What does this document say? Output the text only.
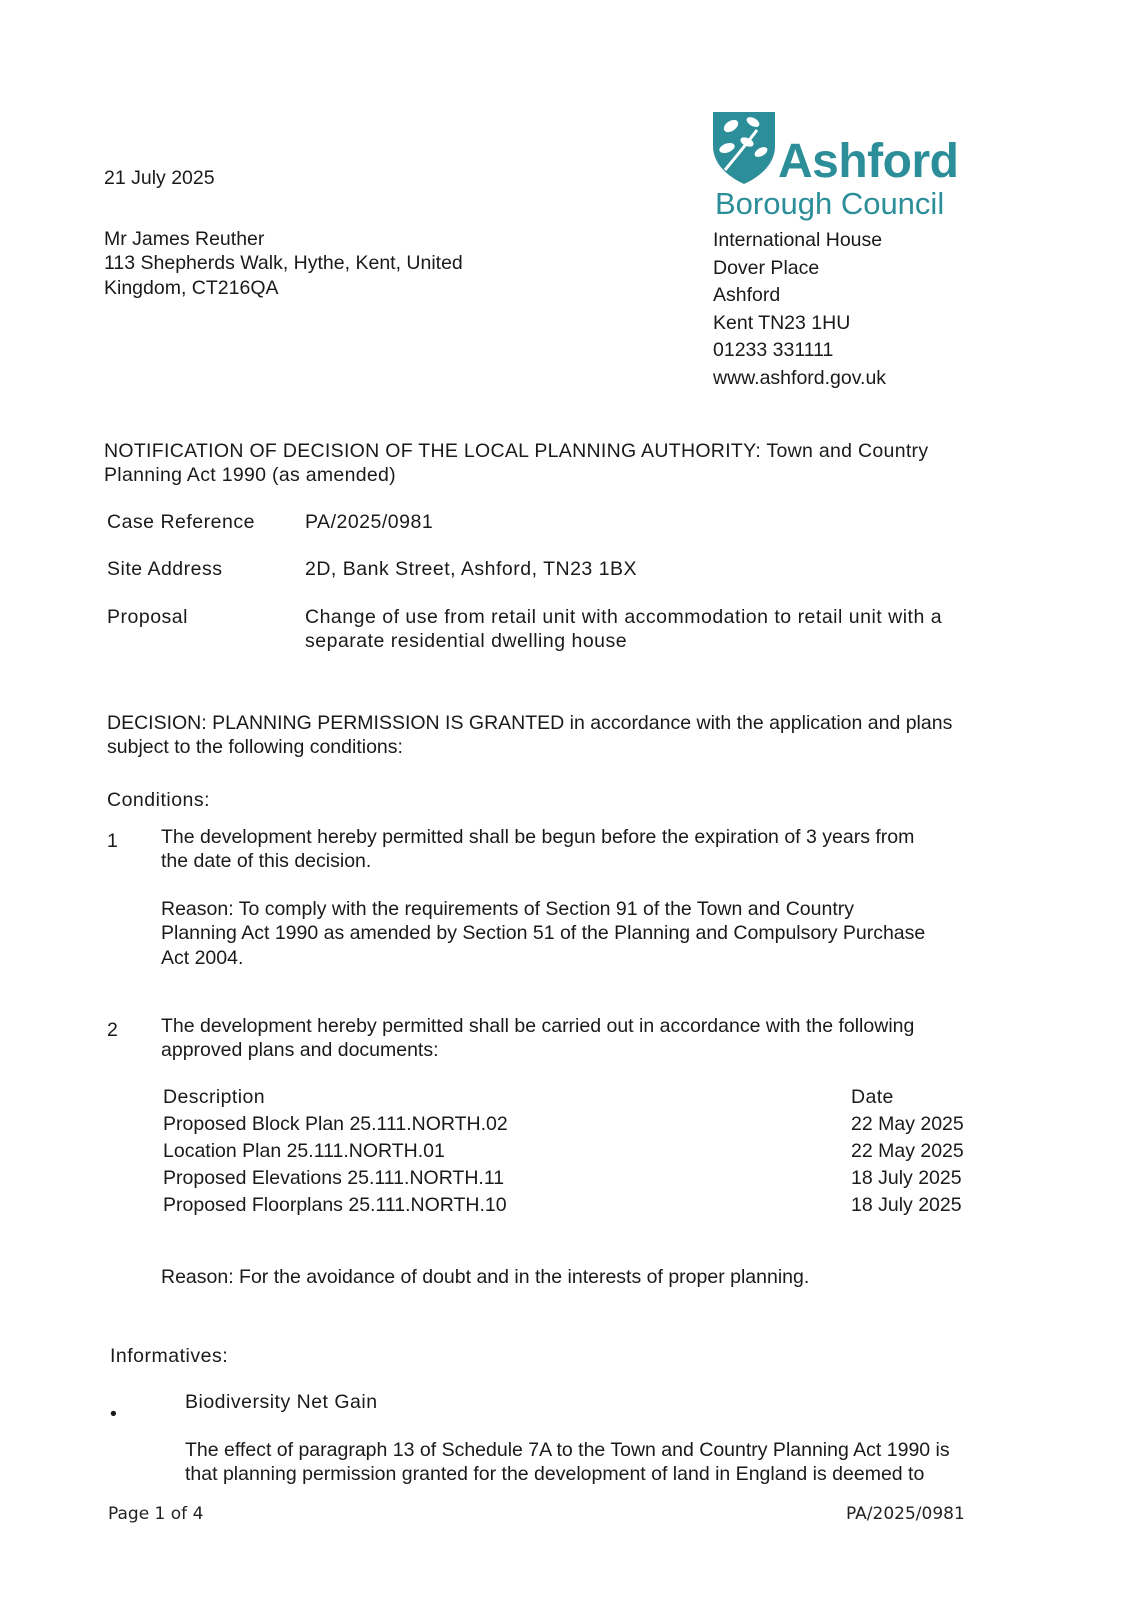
21 July 2025
Mr James Reuther
113 Shepherds Walk, Hythe, Kent, United
Kingdom, CT216QA
Ashford
Borough Council
International House
Dover Place
Ashford
Kent TN23 1HU
01233 331111
www.ashford.gov.uk
NOTIFICATION OF DECISION OF THE LOCAL PLANNING AUTHORITY: Town and Country
Planning Act 1990 (as amended)
Case Reference	PA/2025/0981
Site Address	2D, Bank Street, Ashford, TN23 1BX
Proposal	Change of use from retail unit with accommodation to retail unit with a
separate residential dwelling house
DECISION: PLANNING PERMISSION IS GRANTED in accordance with the application and plans
subject to the following conditions:
Conditions:
1 The development hereby permitted shall be begun before the expiration of 3 years from
the date of this decision.
Reason: To comply with the requirements of Section 91 of the Town and Country
Planning Act 1990 as amended by Section 51 of the Planning and Compulsory Purchase
Act 2004.
2 The development hereby permitted shall be carried out in accordance with the following
approved plans and documents:
Description	Date
Proposed Block Plan 25.111.NORTH.02	22 May 2025
Location Plan 25.111.NORTH.01	22 May 2025
Proposed Elevations 25.111.NORTH.11	18 July 2025
Proposed Floorplans 25.111.NORTH.10	18 July 2025
Reason: For the avoidance of doubt and in the interests of proper planning.
Informatives:
•
Biodiversity Net Gain
The effect of paragraph 13 of Schedule 7A to the Town and Country Planning Act 1990 is
that planning permission granted for the development of land in England is deemed to
Page 1 of 4	PA/2025/0981
